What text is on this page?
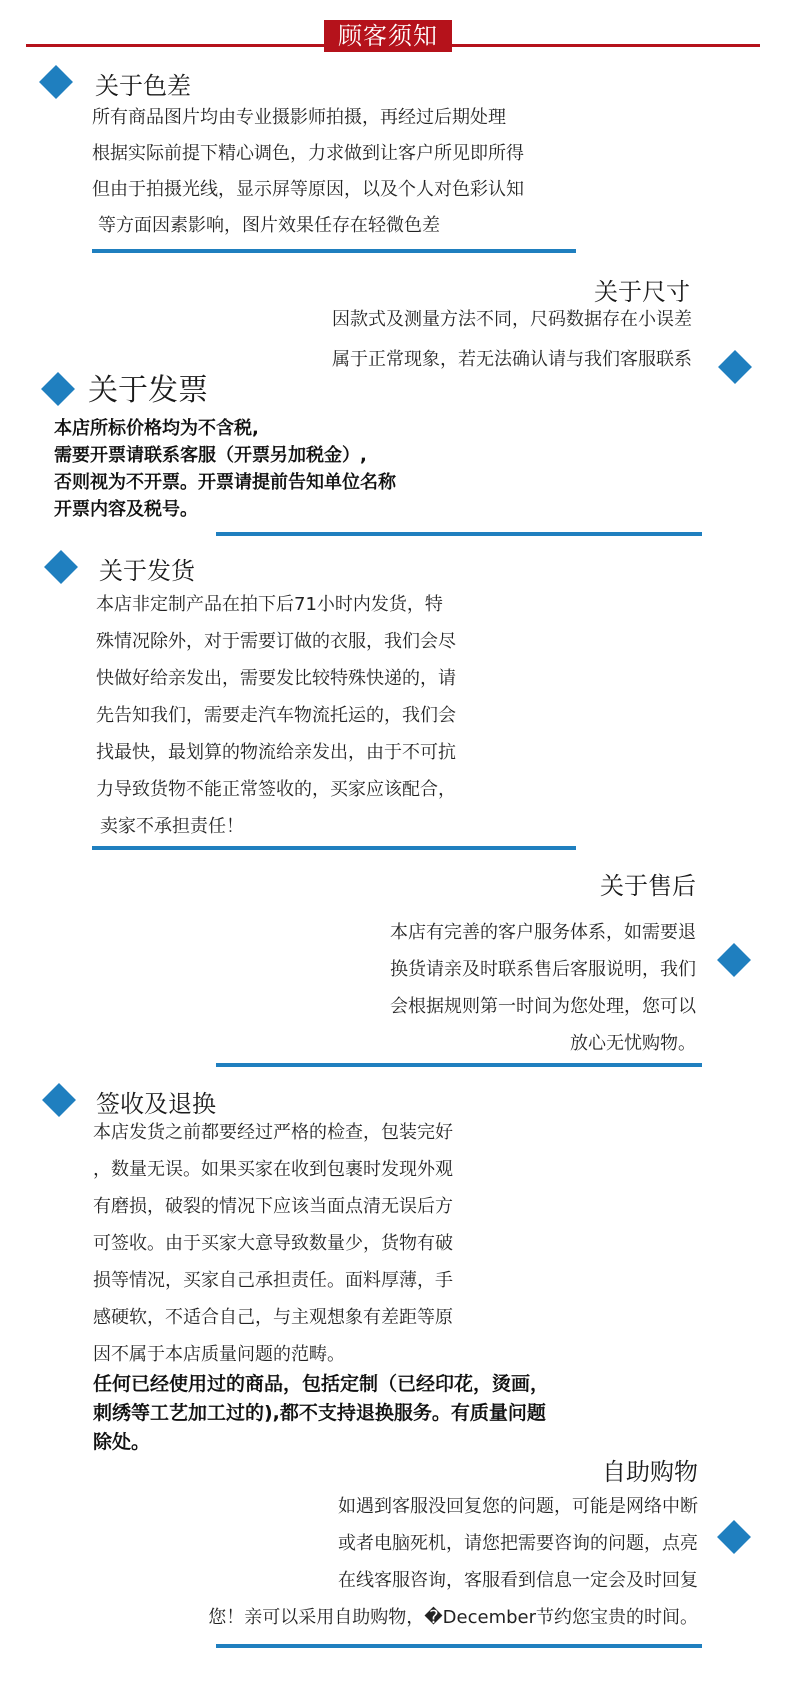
顾客须知
关于色差
所有商品图片均由专业摄影师拍摄，再经过后期处理
根据实际前提下精心调色，力求做到让客户所见即所得
但由于拍摄光线，显示屏等原因，以及个人对色彩认知
等方面因素影响，图片效果任存在轻微色差
关于尺寸
因款式及测量方法不同，尺码数据存在小误差
属于正常现象，若无法确认请与我们客服联系
关于发票
本店所标价格均为不含税,
需要开票请联系客服（开票另加税金）,
否则视为不开票。开票请提前告知单位名称
开票内容及税号。
关于发货
本店非定制产品在拍下后71小时内发货，特
殊情况除外，对于需要订做的衣服，我们会尽
快做好给亲发出，需要发比较特殊快递的，请
先告知我们，需要走汽车物流托运的，我们会
找最快，最划算的物流给亲发出，由于不可抗
力导致货物不能正常签收的，买家应该配合，
卖家不承担责任！
关于售后
本店有完善的客户服务体系，如需要退
换货请亲及时联系售后客服说明，我们
会根据规则第一时间为您处理，您可以
放心无忧购物。
签收及退换
本店发货之前都要经过严格的检查，包装完好
，数量无误。如果买家在收到包裹时发现外观
有磨损，破裂的情况下应该当面点清无误后方
可签收。由于买家大意导致数量少，货物有破
损等情况，买家自己承担责任。面料厚薄，手
感硬软，不适合自己，与主观想象有差距等原
因不属于本店质量问题的范畴。
任何已经使用过的商品，包括定制（已经印花，烫画，
刺绣等工艺加工过的),都不支持退换服务。有质量问题
除处。
自助购物
如遇到客服没回复您的问题，可能是网络中断
或者电脑死机，请您把需要咨询的问题，点亮
在线客服咨询，客服看到信息一定会及时回复
您！亲可以采用自助购物，�December节约您宝贵的时间。
